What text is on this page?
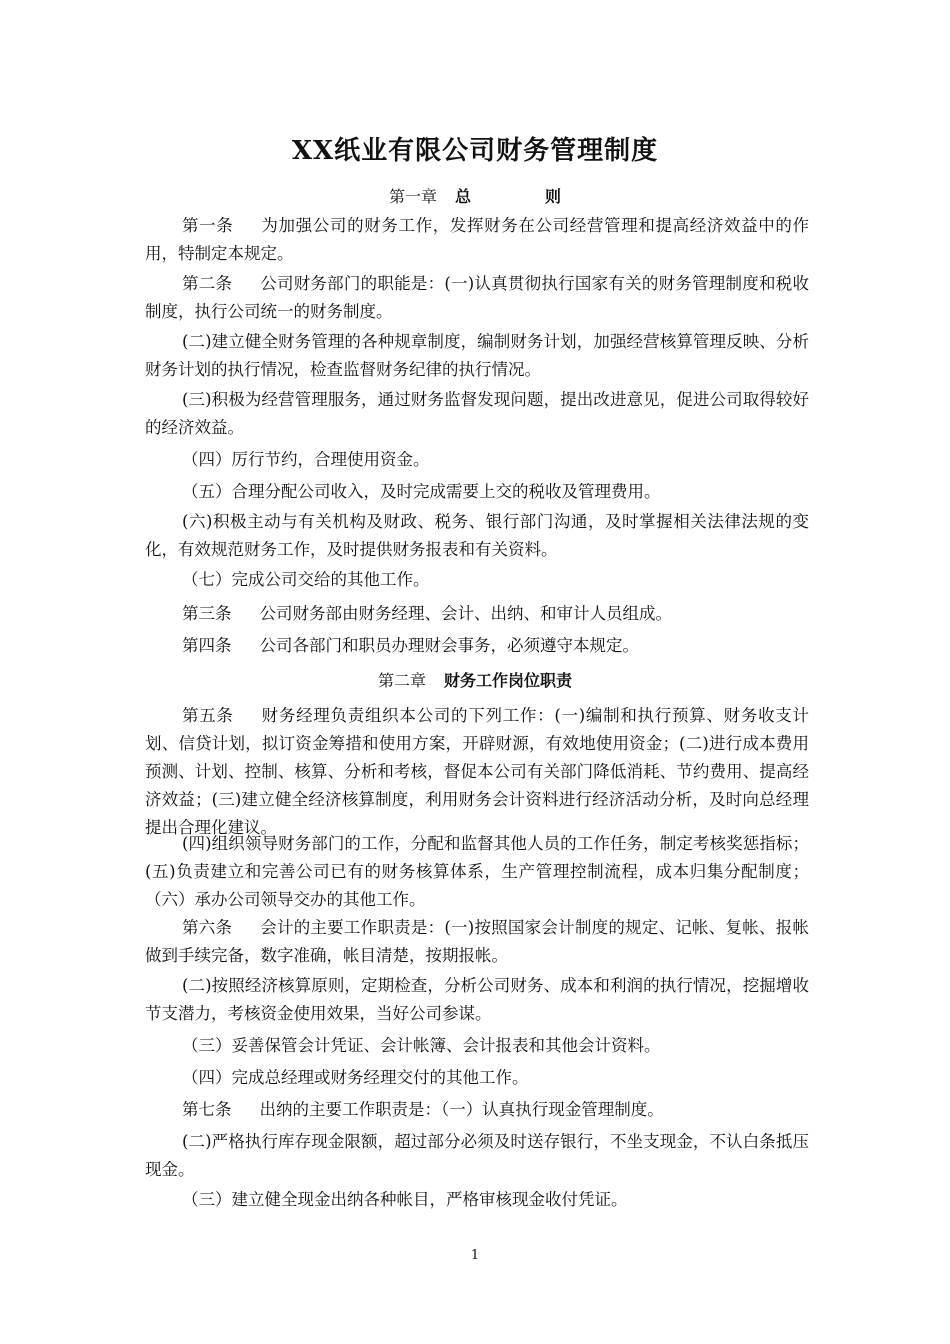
XX纸业有限公司财务管理制度
第一章 总	则
第一条 为加强公司的财务工作，发挥财务在公司经营管理和提高经济效益中的作用，特制定本规定。
第二条 公司财务部门的职能是：(一)认真贯彻执行国家有关的财务管理制度和税收制度，执行公司统一的财务制度。
(二)建立健全财务管理的各种规章制度，编制财务计划，加强经营核算管理反映、分析财务计划的执行情况，检查监督财务纪律的执行情况。
(三)积极为经营管理服务，通过财务监督发现问题，提出改进意见，促进公司取得较好的经济效益。
（四）厉行节约，合理使用资金。
（五）合理分配公司收入，及时完成需要上交的税收及管理费用。
(六)积极主动与有关机构及财政、税务、银行部门沟通，及时掌握相关法律法规的变化，有效规范财务工作，及时提供财务报表和有关资料。
（七）完成公司交给的其他工作。
第三条 公司财务部由财务经理、会计、出纳、和审计人员组成。
第四条 公司各部门和职员办理财会事务，必须遵守本规定。
第二章 财务工作岗位职责
第五条 财务经理负责组织本公司的下列工作：(一)编制和执行预算、财务收支计划、信贷计划，拟订资金筹措和使用方案，开辟财源，有效地使用资金；(二)进行成本费用预测、计划、控制、核算、分析和考核，督促本公司有关部门降低消耗、节约费用、提高经济效益；(三)建立健全经济核算制度，利用财务会计资料进行经济活动分析，及时向总经理提出合理化建议。
(四)组织领导财务部门的工作，分配和监督其他人员的工作任务，制定考核奖惩指标；(五)负责建立和完善公司已有的财务核算体系，生产管理控制流程，成本归集分配制度；（六）承办公司领导交办的其他工作。
第六条 会计的主要工作职责是：(一)按照国家会计制度的规定、记帐、复帐、报帐做到手续完备，数字准确，帐目清楚，按期报帐。
(二)按照经济核算原则，定期检查，分析公司财务、成本和利润的执行情况，挖掘增收节支潜力，考核资金使用效果，当好公司参谋。
（三）妥善保管会计凭证、会计帐簿、会计报表和其他会计资料。
（四）完成总经理或财务经理交付的其他工作。
第七条 出纳的主要工作职责是：（一）认真执行现金管理制度。
(二)严格执行库存现金限额，超过部分必须及时送存银行，不坐支现金，不认白条抵压现金。
（三）建立健全现金出纳各种帐目，严格审核现金收付凭证。
1
